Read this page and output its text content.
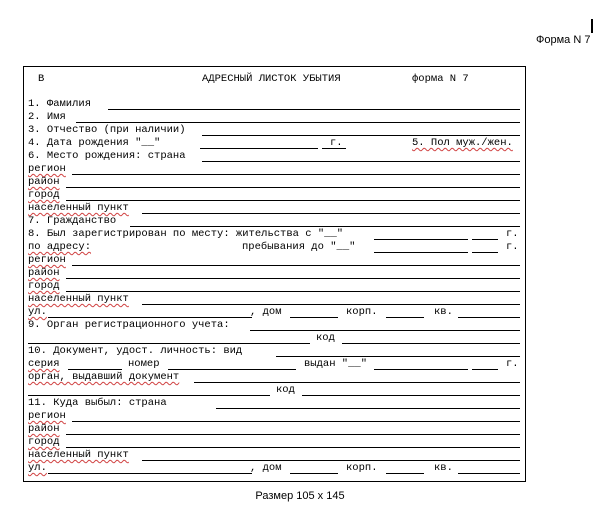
Форма N 7
В	АДРЕСНЫЙ ЛИСТОК УБЫТИЯ	форма N 7
1. Фамилия
2. Имя
3. Отчество (при наличии)
4. Дата рождения "__"	г.	5. Пол муж./жен.
6. Место рождения: страна
регион
район
город
населенный пункт
7. Гражданство
8. Был зарегистрирован по месту: жительства с "__"	г.
по адресу:	пребывания до "__"	г.
регион
район
город
населенный пункт
ул.	, дом	корп.	кв.
9. Орган регистрационного учета:
код
10. Документ, удост. личность: вид
серия	номер	выдан "__"	г.
орган, выдавший документ
код
11. Куда выбыл: страна
регион
район
город
населенный пункт
ул.	, дом	корп.	кв.
Размер 105 х 145
